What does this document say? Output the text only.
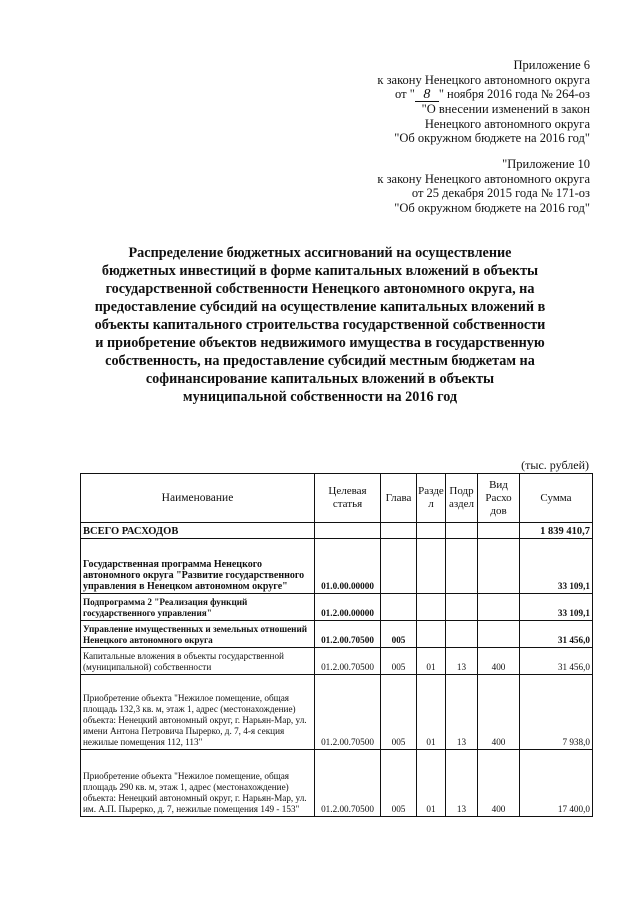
Приложение 6
к закону Ненецкого автономного округа
от " 8 " ноября 2016 года № 264-оз
"О внесении изменений в закон
Ненецкого автономного округа
"Об окружном бюджете на 2016 год"
"Приложение 10
к закону Ненецкого автономного округа
от 25 декабря 2015 года № 171-оз
"Об окружном бюджете на 2016 год"
Распределение бюджетных ассигнований на осуществление
бюджетных инвестиций в форме капитальных вложений в объекты
государственной собственности Ненецкого автономного округа, на
предоставление субсидий на осуществление капитальных вложений в
объекты капитального строительства государственной собственности
и приобретение объектов недвижимого имущества в государственную
собственность, на предоставление субсидий местным бюджетам на
софинансирование капитальных вложений в объекты
муниципальной собственности на 2016 год
(тыс. рублей)
Наименование	Целевая статья	Глава	Разде л	Подр аздел	Вид Расхо дов	Сумма
ВСЕГО РАСХОДОВ						1 839 410,7
Государственная программа Ненецкого автономного округа "Развитие государственного управления в Ненецком автономном округе"	01.0.00.00000					33 109,1
Подпрограмма 2 "Реализация функций государственного управления"	01.2.00.00000					33 109,1
Управление имущественных и земельных отношений Ненецкого автономного округа	01.2.00.70500	005				31 456,0
Капитальные вложения в объекты государственной (муниципальной) собственности	01.2.00.70500	005	01	13	400	31 456,0
Приобретение объекта "Нежилое помещение, общая площадь 132,3 кв. м, этаж 1, адрес (местонахождение) объекта: Ненецкий автономный округ, г. Нарьян-Мар, ул. имени Антона Петровича Пырерко, д. 7, 4-я секция нежилые помещения 112, 113"	01.2.00.70500	005	01	13	400	7 938,0
Приобретение объекта "Нежилое помещение, общая площадь 290 кв. м, этаж 1, адрес (местонахождение) объекта: Ненецкий автономный округ, г. Нарьян-Мар, ул. им. А.П. Пырерко, д. 7, нежилые помещения 149 - 153"	01.2.00.70500	005	01	13	400	17 400,0
